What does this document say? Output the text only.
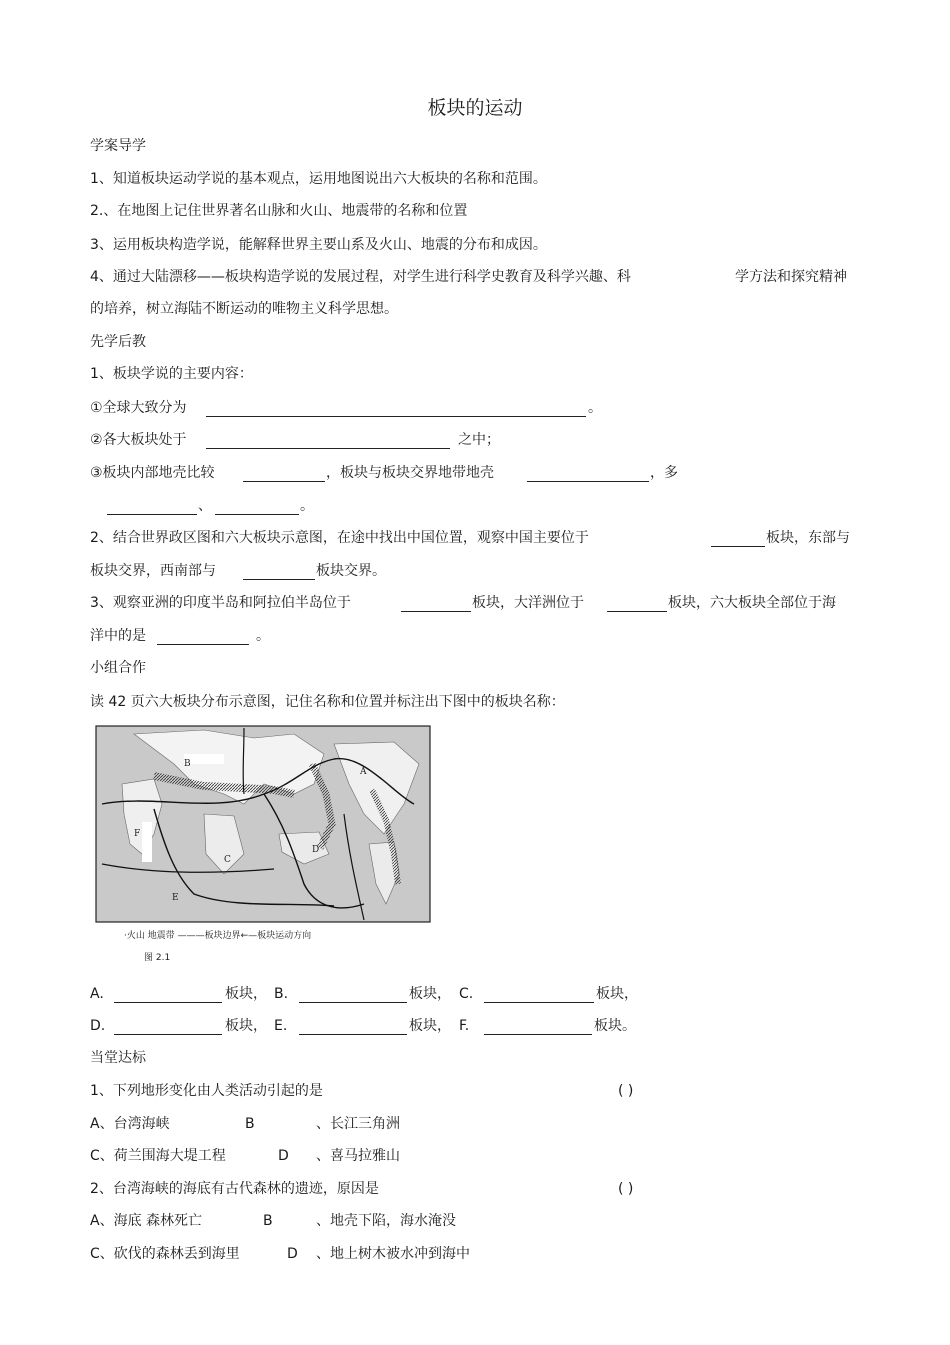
板块的运动
学案导学
1、知道板块运动学说的基本观点，运用地图说出六大板块的名称和范围。
2.、在地图上记住世界著名山脉和火山、地震带的名称和位置
3、运用板块构造学说，能解释世界主要山系及火山、地震的分布和成因。
4、通过大陆漂移——板块构造学说的发展过程，对学生进行科学史教育及科学兴趣、科	学方法和探究精神
的培养，树立海陆不断运动的唯物主义科学思想。
先学后教
1、板块学说的主要内容：
①全球大致分为	。
②各大板块处于	之中；
③板块内部地壳比较	，板块与板块交界地带地壳	，多
、	。
2、结合世界政区图和六大板块示意图，在途中找出中国位置，观察中国主要位于	板块，东部与
板块交界，西南部与	板块交界。
3、观察亚洲的印度半岛和阿拉伯半岛位于	板块，大洋洲位于	板块，六大板块全部位于海
洋中的是	。
小组合作
读 42 页六大板块分布示意图，记住名称和位置并标注出下图中的板块名称：
A
B
C
D
E
F
·火山 地震带 ———板块边界←—板块运动方向
图 2.1
A.	板块， B.	板块， C.	板块，
D.	板块， E.	板块， F.	板块。
当堂达标
1、下列地形变化由人类活动引起的是	( )
A、台湾海峡	B	、长江三角洲
C、荷兰围海大堤工程	D 、喜马拉雅山
2、台湾海峡的海底有古代森林的遗迹，原因是	( )
A、海底 森林死亡	B	、地壳下陷，海水淹没
C、砍伐的森林丢到海里	D 、地上树木被水冲到海中
